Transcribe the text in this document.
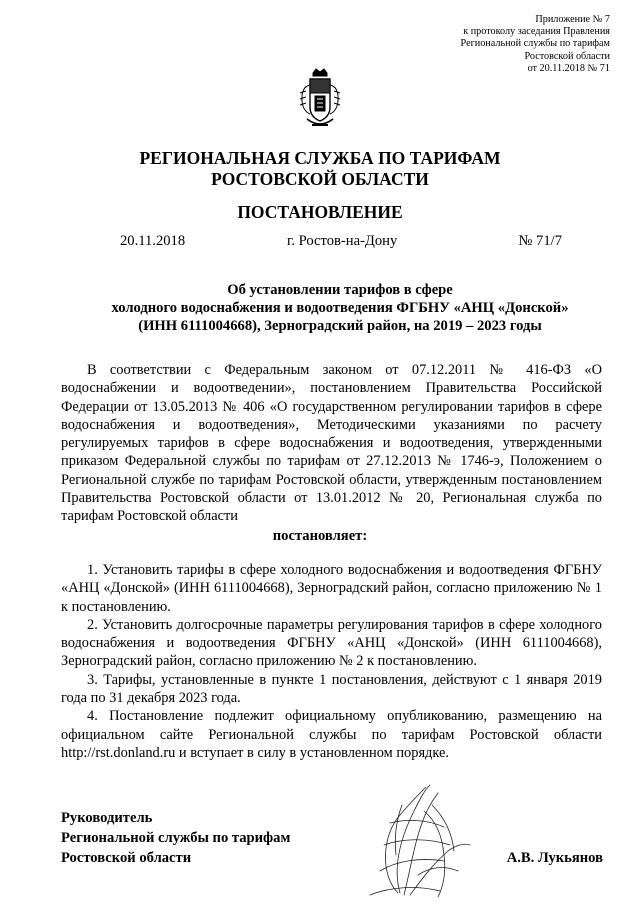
Приложение № 7
к протоколу заседания Правления
Региональной службы по тарифам
Ростовской области
от 20.11.2018 № 71
РЕГИОНАЛЬНАЯ СЛУЖБА ПО ТАРИФАМ
РОСТОВСКОЙ ОБЛАСТИ
ПОСТАНОВЛЕНИЕ
20.11.2018	г. Ростов-на-Дону	№ 71/7
Об установлении тарифов в сфере
холодного водоснабжения и водоотведения ФГБНУ «АНЦ «Донской»
(ИНН 6111004668), Зерноградский район, на 2019 – 2023 годы

В соответствии с Федеральным законом от 07.12.2011 № 416-ФЗ «О водоснабжении и водоотведении», постановлением Правительства Российской Федерации от 13.05.2013 № 406 «О государственном регулировании тарифов в сфере водоснабжения и водоотведения», Методическими указаниями по расчету регулируемых тарифов в сфере водоснабжения и водоотведения, утвержденными приказом Федеральной службы по тарифам от 27.12.2013 № 1746-э, Положением о Региональной службе по тарифам Ростовской области, утвержденным постановлением Правительства Ростовской области от 13.01.2012 № 20, Региональная служба по тарифам Ростовской области

постановляет:

1. Установить тарифы в сфере холодного водоснабжения и водоотведения ФГБНУ «АНЦ «Донской» (ИНН 6111004668), Зерноградский район, согласно приложению № 1 к постановлению.

2. Установить долгосрочные параметры регулирования тарифов в сфере холодного водоснабжения и водоотведения ФГБНУ «АНЦ «Донской» (ИНН 6111004668), Зерноградский район, согласно приложению № 2 к постановлению.

3. Тарифы, установленные в пункте 1 постановления, действуют с 1 января 2019 года по 31 декабря 2023 года.

4. Постановление подлежит официальному опубликованию, размещению на официальном сайте Региональной службы по тарифам Ростовской области http://rst.donland.ru и вступает в силу в установленном порядке.

Руководитель
Региональной службы по тарифам
Ростовской области	А.В. Лукьянов
